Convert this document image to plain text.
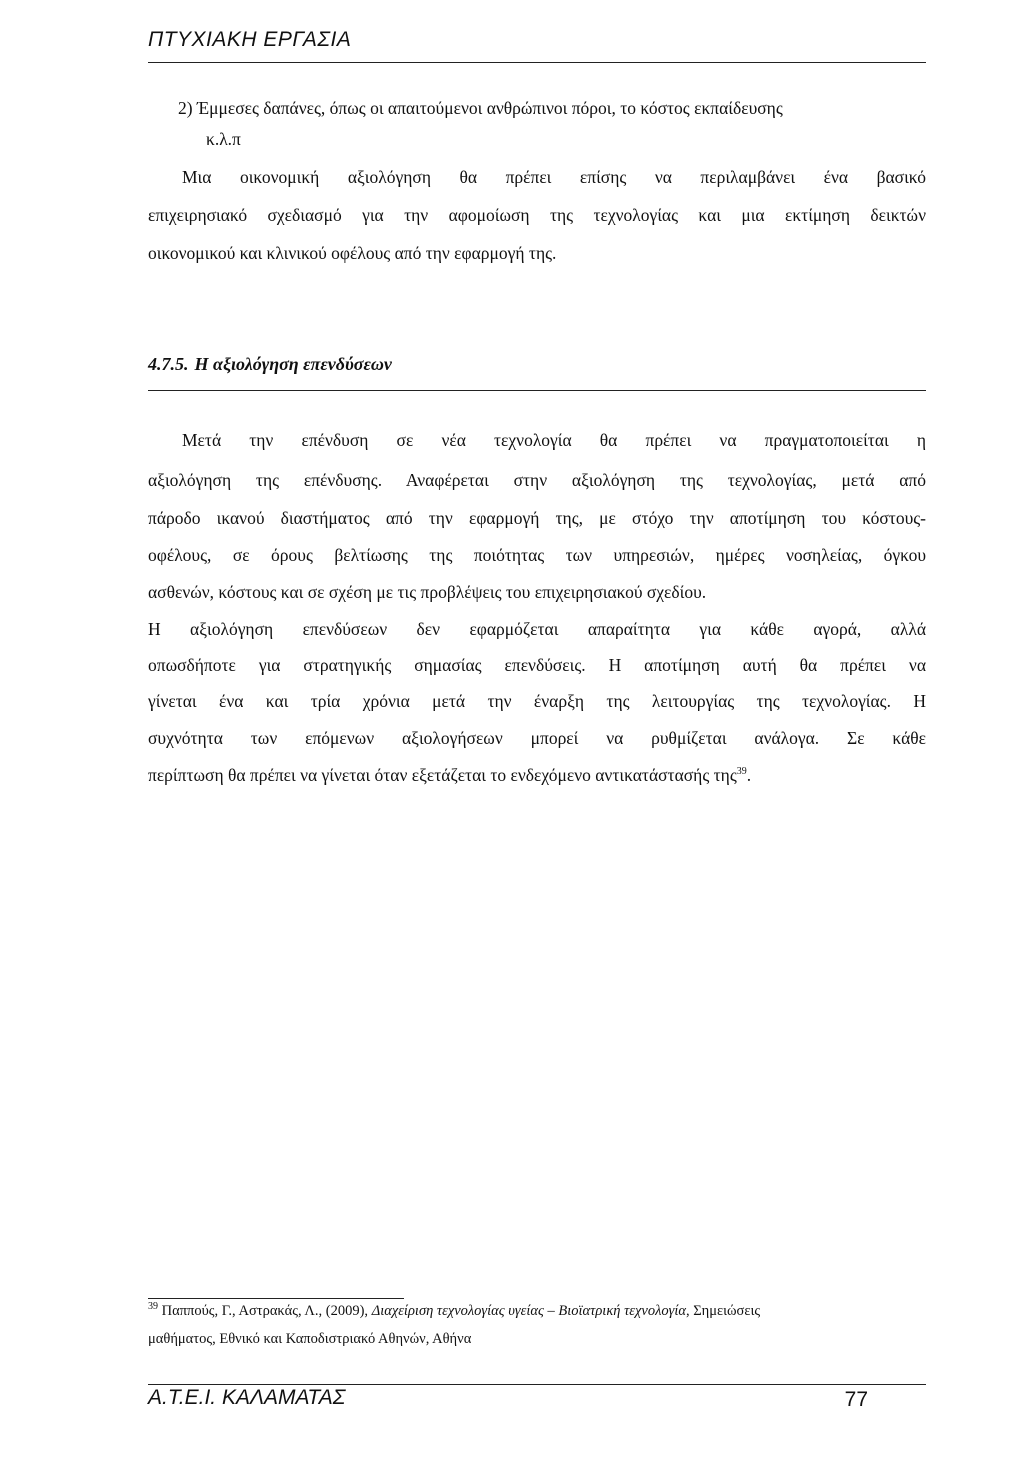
ΠΤΥΧΙΑΚΗ ΕΡΓΑΣΙΑ
2) Έμμεσες δαπάνες, όπως οι απαιτούμενοι ανθρώπινοι πόροι, το κόστος εκπαίδευσης
κ.λ.π
Μια οικονομική αξιολόγηση θα πρέπει επίσης να περιλαμβάνει ένα βασικό
επιχειρησιακό σχεδιασμό για την αφομοίωση της τεχνολογίας και μια εκτίμηση δεικτών
οικονομικού και κλινικού οφέλους από την εφαρμογή της.
4.7.5. Η αξιολόγηση επενδύσεων
Μετά την επένδυση σε νέα τεχνολογία θα πρέπει να πραγματοποιείται η
αξιολόγηση της επένδυσης. Αναφέρεται στην αξιολόγηση της τεχνολογίας, μετά από
πάροδο ικανού διαστήματος από την εφαρμογή της, με στόχο την αποτίμηση του κόστους-
οφέλους, σε όρους βελτίωσης της ποιότητας των υπηρεσιών, ημέρες νοσηλείας, όγκου
ασθενών, κόστους και σε σχέση με τις προβλέψεις του επιχειρησιακού σχεδίου.
Η αξιολόγηση επενδύσεων δεν εφαρμόζεται απαραίτητα για κάθε αγορά, αλλά
οπωσδήποτε για στρατηγικής σημασίας επενδύσεις. Η αποτίμηση αυτή θα πρέπει να
γίνεται ένα και τρία χρόνια μετά την έναρξη της λειτουργίας της τεχνολογίας. Η
συχνότητα των επόμενων αξιολογήσεων μπορεί να ρυθμίζεται ανάλογα. Σε κάθε
περίπτωση θα πρέπει να γίνεται όταν εξετάζεται το ενδεχόμενο αντικατάστασής της$^{39}$.
$^{39}$ Παππούς, Γ., Αστρακάς, Λ., (2009), Διαχείριση τεχνολογίας υγείας – Βιοϊατρική τεχνολογία, Σημειώσεις
μαθήματος, Εθνικό και Καποδιστριακό Αθηνών, Αθήνα
Α.Τ.Ε.Ι. ΚΑΛΑΜΑΤΑΣ	77
